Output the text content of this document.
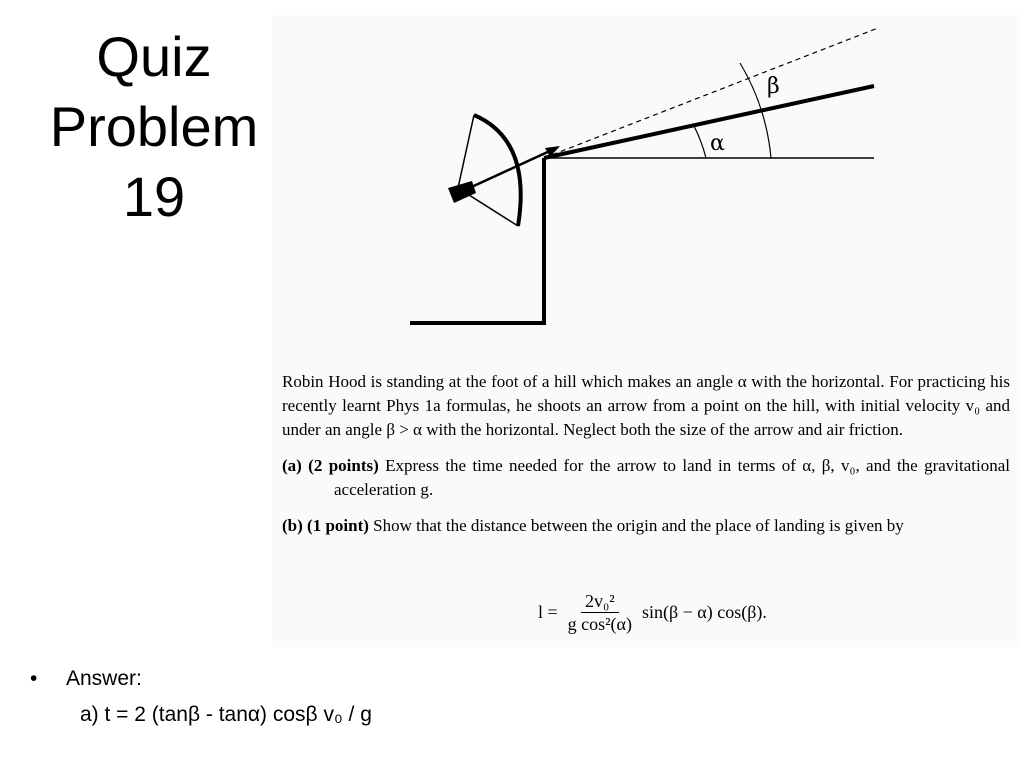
Quiz
Problem
19
β
α

Robin Hood is standing at the foot of a hill which makes an angle α with the horizontal. For practicing his recently learnt Phys 1a formulas, he shoots an arrow from a point on the hill, with initial velocity v₀ and under an angle β > α with the horizontal. Neglect both the size of the arrow and air friction.

(a) (2 points) Express the time needed for the arrow to land in terms of α, β, v₀, and the gravitational acceleration g.

(b) (1 point) Show that the distance between the origin and the place of landing is given by

$l = \frac{\text{2v₀²}}{\text{g cos²(α)}} \sin(\beta - \alpha)$ cos(β).
• Answer:
a) t = 2 (tanβ - tanα) cosβ v₀ / g
